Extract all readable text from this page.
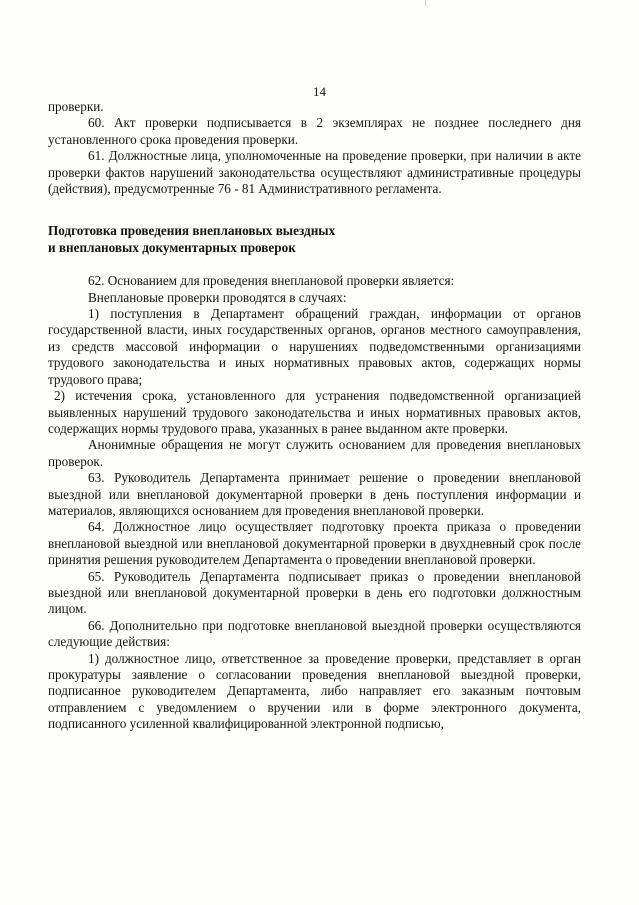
14

проверки.

60. Акт проверки подписывается в 2 экземплярах не позднее последнего дня установленного срока проведения проверки.

61. Должностные лица, уполномоченные на проведение проверки, при наличии в акте проверки фактов нарушений законодательства осуществляют административные процедуры (действия), предусмотренные 76 - 81 Административного регламента.

Подготовка проведения внеплановых выездных

и внеплановых документарных проверок

62. Основанием для проведения внеплановой проверки является:

Внеплановые проверки проводятся в случаях:

1) поступления в Департамент обращений граждан, информации от органов государственной власти, иных государственных органов, органов местного самоуправления, из средств массовой информации о нарушениях подведомственными организациями трудового законодательства и иных нормативных правовых актов, содержащих нормы трудового права;

2) истечения срока, установленного для устранения подведомственной организацией выявленных нарушений трудового законодательства и иных нормативных правовых актов, содержащих нормы трудового права, указанных в ранее выданном акте проверки.

Анонимные обращения не могут служить основанием для проведения внеплановых проверок.

63. Руководитель Департамента принимает решение о проведении внеплановой выездной или внеплановой документарной проверки в день поступления информации и материалов, являющихся основанием для проведения внеплановой проверки.

64. Должностное лицо осуществляет подготовку проекта приказа о проведении внеплановой выездной или внеплановой документарной проверки в двухдневный срок после принятия решения руководителем Департамента о проведении внеплановой проверки.

65. Руководитель Департамента подписывает приказ о проведении внеплановой выездной или внеплановой документарной проверки в день его подготовки должностным лицом.

66. Дополнительно при подготовке внеплановой выездной проверки осуществляются следующие действия:

1) должностное лицо, ответственное за проведение проверки, представляет в орган прокуратуры заявление о согласовании проведения внеплановой выездной проверки, подписанное руководителем Департамента, либо направляет его заказным почтовым отправлением с уведомлением о вручении или в форме электронного документа, подписанного усиленной квалифицированной электронной подписью,
